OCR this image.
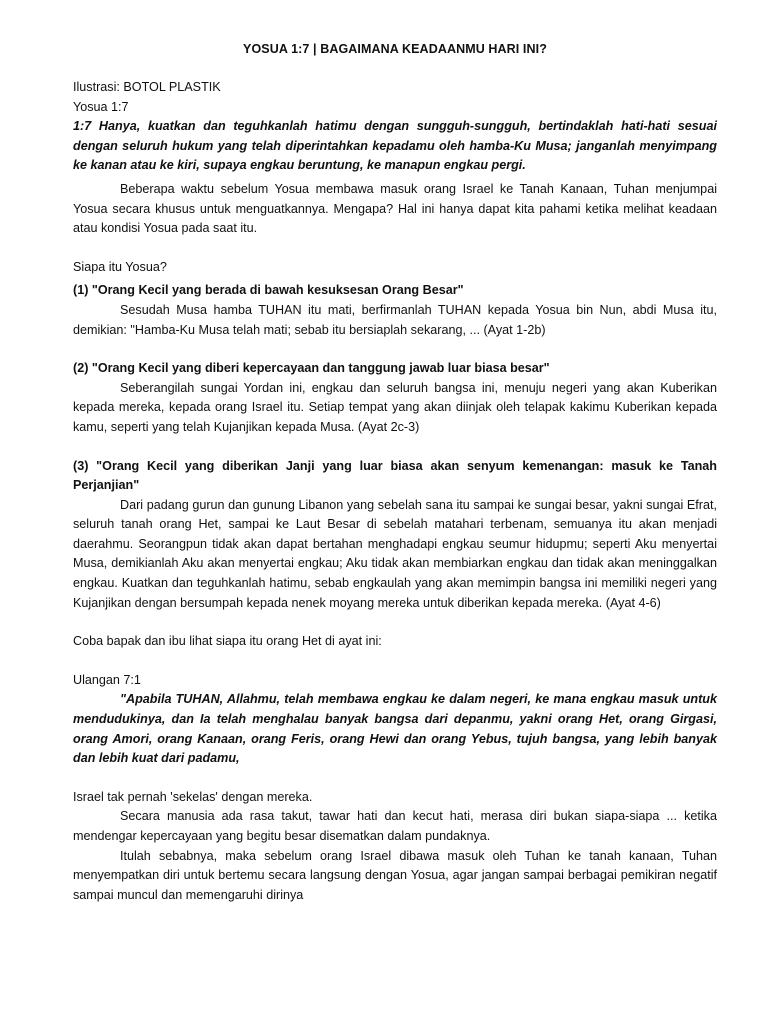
YOSUA 1:7 | BAGAIMANA KEADAANMU HARI INI?

Ilustrasi: BOTOL PLASTIK

Yosua 1:7

1:7 Hanya, kuatkan dan teguhkanlah hatimu dengan sungguh-sungguh, bertindaklah hati-hati sesuai dengan seluruh hukum yang telah diperintahkan kepadamu oleh hamba-Ku Musa; janganlah menyimpang ke kanan atau ke kiri, supaya engkau beruntung, ke manapun engkau pergi.

Beberapa waktu sebelum Yosua membawa masuk orang Israel ke Tanah Kanaan, Tuhan menjumpai Yosua secara khusus untuk menguatkannya. Mengapa? Hal ini hanya dapat kita pahami ketika melihat keadaan atau kondisi Yosua pada saat itu.

Siapa itu Yosua?

(1) "Orang Kecil yang berada di bawah kesuksesan Orang Besar"

Sesudah Musa hamba TUHAN itu mati, berfirmanlah TUHAN kepada Yosua bin Nun, abdi Musa itu, demikian: "Hamba-Ku Musa telah mati; sebab itu bersiaplah sekarang, ... (Ayat 1-2b)

(2) "Orang Kecil yang diberi kepercayaan dan tanggung jawab luar biasa besar"

Seberangilah sungai Yordan ini, engkau dan seluruh bangsa ini, menuju negeri yang akan Kuberikan kepada mereka, kepada orang Israel itu. Setiap tempat yang akan diinjak oleh telapak kakimu Kuberikan kepada kamu, seperti yang telah Kujanjikan kepada Musa. (Ayat 2c-3)

(3) "Orang Kecil yang diberikan Janji yang luar biasa akan senyum kemenangan: masuk ke Tanah Perjanjian"

Dari padang gurun dan gunung Libanon yang sebelah sana itu sampai ke sungai besar, yakni sungai Efrat, seluruh tanah orang Het, sampai ke Laut Besar di sebelah matahari terbenam, semuanya itu akan menjadi daerahmu. Seorangpun tidak akan dapat bertahan menghadapi engkau seumur hidupmu; seperti Aku menyertai Musa, demikianlah Aku akan menyertai engkau; Aku tidak akan membiarkan engkau dan tidak akan meninggalkan engkau. Kuatkan dan teguhkanlah hatimu, sebab engkaulah yang akan memimpin bangsa ini memiliki negeri yang Kujanjikan dengan bersumpah kepada nenek moyang mereka untuk diberikan kepada mereka. (Ayat 4-6)

Coba bapak dan ibu lihat siapa itu orang Het di ayat ini:

Ulangan 7:1

"Apabila TUHAN, Allahmu, telah membawa engkau ke dalam negeri, ke mana engkau masuk untuk mendudukinya, dan Ia telah menghalau banyak bangsa dari depanmu, yakni orang Het, orang Girgasi, orang Amori, orang Kanaan, orang Feris, orang Hewi dan orang Yebus, tujuh bangsa, yang lebih banyak dan lebih kuat dari padamu,

Israel tak pernah 'sekelas' dengan mereka.

Secara manusia ada rasa takut, tawar hati dan kecut hati, merasa diri bukan siapa-siapa ... ketika mendengar kepercayaan yang begitu besar disematkan dalam pundaknya.

Itulah sebabnya, maka sebelum orang Israel dibawa masuk oleh Tuhan ke tanah kanaan, Tuhan menyempatkan diri untuk bertemu secara langsung dengan Yosua, agar jangan sampai berbagai pemikiran negatif sampai muncul dan memengaruhi dirinya
